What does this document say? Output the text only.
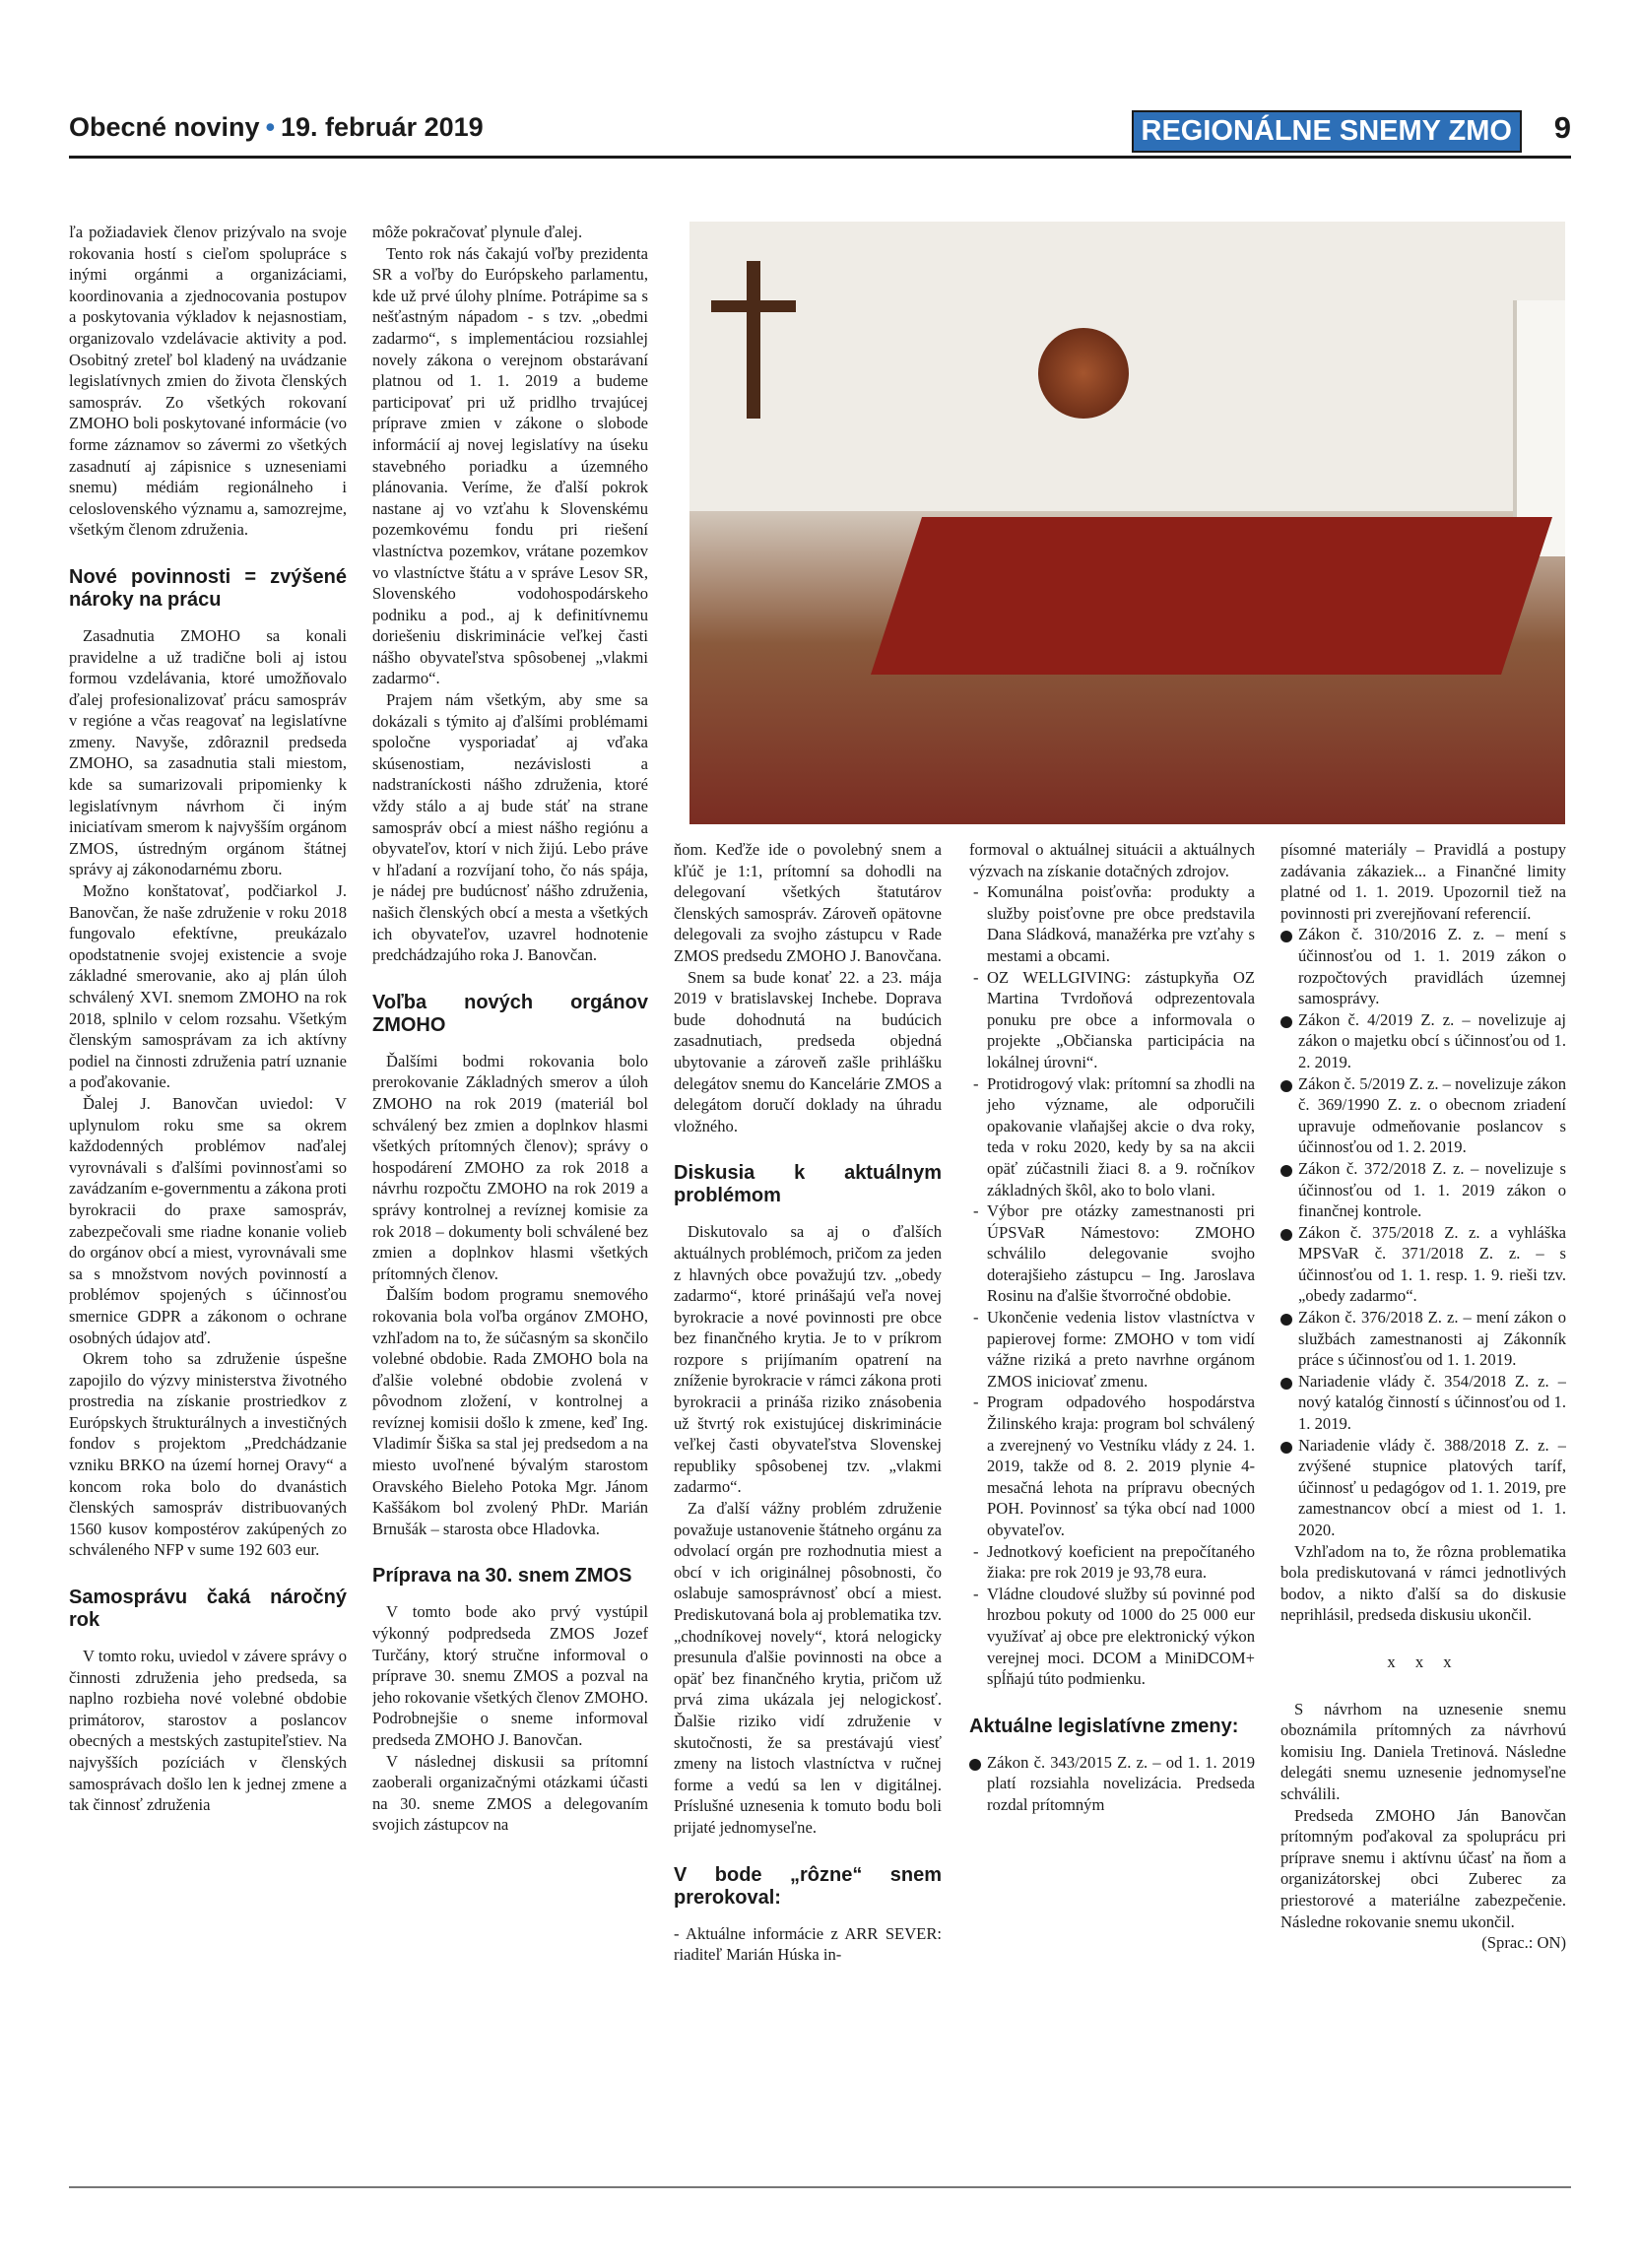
Obecné noviny • 19. február 2019	REGIONÁLNE SNEMY ZMO	9

ľa požiadaviek členov prizývalo na svoje rokovania hostí s cieľom spolupráce s inými orgánmi a organizáciami, koordinovania a zjednocovania postupov a poskytovania výkladov k nejasnostiam, organizovalo vzdelávacie aktivity a pod. Osobitný zreteľ bol kladený na uvádzanie legislatívnych zmien do života členských samospráv. Zo všetkých rokovaní ZMOHO boli poskytované informácie (vo forme záznamov so závermi zo všetkých zasadnutí aj zápisnice s uzneseniami snemu) médiám regionálneho i celoslovenského významu a, samozrejme, všetkým členom združenia.

Nové povinnosti = zvýšené nároky na prácu

Zasadnutia ZMOHO sa konali pravidelne a už tradične boli aj istou formou vzdelávania, ktoré umožňovalo ďalej profesionalizovať prácu samospráv v regióne a včas reagovať na legislatívne zmeny. Navyše, zdôraznil predseda ZMOHO, sa zasadnutia stali miestom, kde sa sumarizovali pripomienky k legislatívnym návrhom či iným iniciatívam smerom k najvyšším orgánom ZMOS, ústredným orgánom štátnej správy aj zákonodarnému zboru.

Možno konštatovať, podčiarkol J. Banovčan, že naše združenie v roku 2018 fungovalo efektívne, preukázalo opodstatnenie svojej existencie a svoje základné smerovanie, ako aj plán úloh schválený XVI. snemom ZMOHO na rok 2018, splnilo v celom rozsahu. Všetkým členským samosprávam za ich aktívny podiel na činnosti združenia patrí uznanie a poďakovanie.

Ďalej J. Banovčan uviedol: V uplynulom roku sme sa okrem každodenných problémov naďalej vyrovnávali s ďalšími povinnosťami so zavádzaním e-governmentu a zákona proti byrokracii do praxe samospráv, zabezpečovali sme riadne konanie volieb do orgánov obcí a miest, vyrovnávali sme sa s množstvom nových povinností a problémov spojených s účinnosťou smernice GDPR a zákonom o ochrane osobných údajov atď.

Okrem toho sa združenie úspešne zapojilo do výzvy ministerstva životného prostredia na získanie prostriedkov z Európskych štrukturálnych a investičných fondov s projektom „Predchádzanie vzniku BRKO na území hornej Oravy“ a koncom roka bolo do dvanástich členských samospráv distribuovaných 1560 kusov kompostérov zakúpených zo schváleného NFP v sume 192 603 eur.

Samosprávu čaká náročný rok

V tomto roku, uviedol v závere správy o činnosti združenia jeho predseda, sa naplno rozbieha nové volebné obdobie primátorov, starostov a poslancov obecných a mestských zastupiteľstiev. Na najvyšších pozíciách v členských samosprávach došlo len k jednej zmene a tak činnosť združenia

môže pokračovať plynule ďalej.

Tento rok nás čakajú voľby prezidenta SR a voľby do Európskeho parlamentu, kde už prvé úlohy plníme. Potrápime sa s nešťastným nápadom - s tzv. „obedmi zadarmo“, s implementáciou rozsiahlej novely zákona o verejnom obstarávaní platnou od 1. 1. 2019 a budeme participovať pri už pridlho trvajúcej príprave zmien v zákone o slobode informácií aj novej legislatívy na úseku stavebného poriadku a územného plánovania. Veríme, že ďalší pokrok nastane aj vo vzťahu k Slovenskému pozemkovému fondu pri riešení vlastníctva pozemkov, vrátane pozemkov vo vlastníctve štátu a v správe Lesov SR, Slovenského vodohospodárskeho podniku a pod., aj k definitívnemu doriešeniu diskriminácie veľkej časti nášho obyvateľstva spôsobenej „vlakmi zadarmo“.

Prajem nám všetkým, aby sme sa dokázali s týmito aj ďalšími problémami spoločne vysporiadať aj vďaka skúsenostiam, nezávislosti a nadstraníckosti nášho združenia, ktoré vždy stálo a aj bude stáť na strane samospráv obcí a miest nášho regiónu a obyvateľov, ktorí v nich žijú. Lebo práve v hľadaní a rozvíjaní toho, čo nás spája, je nádej pre budúcnosť nášho združenia, našich členských obcí a mesta a všetkých ich obyvateľov, uzavrel hodnotenie predchádzajúho roka J. Banovčan.

Voľba nových orgánov ZMOHO

Ďalšími bodmi rokovania bolo prerokovanie Základných smerov a úloh ZMOHO na rok 2019 (materiál bol schválený bez zmien a doplnkov hlasmi všetkých prítomných členov); správy o hospodárení ZMOHO za rok 2018 a návrhu rozpočtu ZMOHO na rok 2019 a správy kontrolnej a revíznej komisie za rok 2018 – dokumenty boli schválené bez zmien a doplnkov hlasmi všetkých prítomných členov.

Ďalším bodom programu snemového rokovania bola voľba orgánov ZMOHO, vzhľadom na to, že súčasným sa skončilo volebné obdobie. Rada ZMOHO bola na ďalšie volebné obdobie zvolená v pôvodnom zložení, v kontrolnej a revíznej komisii došlo k zmene, keď Ing. Vladimír Šiška sa stal jej predsedom a na miesto uvoľnené bývalým starostom Oravského Bieleho Potoka Mgr. Jánom Kaššákom bol zvolený PhDr. Marián Brnušák – starosta obce Hladovka.

Príprava na 30. snem ZMOS

V tomto bode ako prvý vystúpil výkonný podpredseda ZMOS Jozef Turčány, ktorý stručne informoval o príprave 30. snemu ZMOS a pozval na jeho rokovanie všetkých členov ZMOHO. Podrobnejšie o sneme informoval predseda ZMOHO J. Banovčan.

V následnej diskusii sa prítomní zaoberali organizačnými otázkami účasti na 30. sneme ZMOS a delegovaním svojich zástupcov na

ňom. Keďže ide o povolebný snem a kľúč je 1:1, prítomní sa dohodli na delegovaní všetkých štatutárov členských samospráv. Zároveň opätovne delegovali za svojho zástupcu v Rade ZMOS predsedu ZMOHO J. Banovčana.

Snem sa bude konať 22. a 23. mája 2019 v bratislavskej Inchebe. Doprava bude dohodnutá na budúcich zasadnutiach, predseda objedná ubytovanie a zároveň zašle prihlášku delegátov snemu do Kancelárie ZMOS a delegátom doručí doklady na úhradu vložného.

Diskusia k aktuálnym problémom

Diskutovalo sa aj o ďalších aktuálnych problémoch, pričom za jeden z hlavných obce považujú tzv. „obedy zadarmo“, ktoré prinášajú veľa novej byrokracie a nové povinnosti pre obce bez finančného krytia. Je to v príkrom rozpore s prijímaním opatrení na zníženie byrokracie v rámci zákona proti byrokracii a prináša riziko znásobenia už štvrtý rok existujúcej diskriminácie veľkej časti obyvateľstva Slovenskej republiky spôsobenej tzv. „vlakmi zadarmo“.

Za ďalší vážny problém združenie považuje ustanovenie štátneho orgánu za odvolací orgán pre rozhodnutia miest a obcí v ich originálnej pôsobnosti, čo oslabuje samosprávnosť obcí a miest. Prediskutovaná bola aj problematika tzv. „chodníkovej novely“, ktorá nelogicky presunula ďalšie povinnosti na obce a opäť bez finančného krytia, pričom už prvá zima ukázala jej nelogickosť. Ďalšie riziko vidí združenie v skutočnosti, že sa prestávajú viesť zmeny na listoch vlastníctva v ručnej forme a vedú sa len v digitálnej. Príslušné uznesenia k tomuto bodu boli prijaté jednomyseľne.

V bode „rôzne“ snem prerokoval:

- Aktuálne informácie z ARR SEVER: riaditeľ Marián Húska in-

formoval o aktuálnej situácii a aktuálnych výzvach na získanie dotačných zdrojov.

- Komunálna poisťovňa: produkty a služby poisťovne pre obce predstavila Dana Sládková, manažérka pre vzťahy s mestami a obcami.
- OZ WELLGIVING: zástupkyňa OZ Martina Tvrdoňová odprezentovala ponuku pre obce a informovala o projekte „Občianska participácia na lokálnej úrovni“.
- Protidrogový vlak: prítomní sa zhodli na jeho význame, ale odporučili opakovanie vlaňajšej akcie o dva roky, teda v roku 2020, kedy by sa na akcii opäť zúčastnili žiaci 8. a 9. ročníkov základných škôl, ako to bolo vlani.
- Výbor pre otázky zamestnanosti pri ÚPSVaR Námestovo: ZMOHO schválilo delegovanie svojho doterajšieho zástupcu – Ing. Jaroslava Rosinu na ďalšie štvorročné obdobie.
- Ukončenie vedenia listov vlastníctva v papierovej forme: ZMOHO v tom vidí vážne riziká a preto navrhne orgánom ZMOS iniciovať zmenu.
- Program odpadového hospodárstva Žilinského kraja: program bol schválený a zverejnený vo Vestníku vlády z 24. 1. 2019, takže od 8. 2. 2019 plynie 4-mesačná lehota na prípravu obecných POH. Povinnosť sa týka obcí nad 1000 obyvateľov.
- Jednotkový koeficient na prepočítaného žiaka: pre rok 2019 je 93,78 eura.
- Vládne cloudové služby sú povinné pod hrozbou pokuty od 1000 do 25 000 eur využívať aj obce pre elektronický výkon verejnej moci. DCOM a MiniDCOM+ spĺňajú túto podmienku.
Aktuálne legislatívne zmeny:
Zákon č. 343/2015 Z. z. – od 1. 1. 2019 platí rozsiahla novelizácia. Predseda rozdal prítomným

písomné materiály – Pravidlá a postupy zadávania zákaziek... a Finančné limity platné od 1. 1. 2019. Upozornil tiež na povinnosti pri zverejňovaní referencií.

Zákon č. 310/2016 Z. z. – mení s účinnosťou od 1. 1. 2019 zákon o rozpočtových pravidlách územnej samosprávy.
Zákon č. 4/2019 Z. z. – novelizuje aj zákon o majetku obcí s účinnosťou od 1. 2. 2019.
Zákon č. 5/2019 Z. z. – novelizuje zákon č. 369/1990 Z. z. o obecnom zriadení upravuje odmeňovanie poslancov s účinnosťou od 1. 2. 2019.
Zákon č. 372/2018 Z. z. – novelizuje s účinnosťou od 1. 1. 2019 zákon o finančnej kontrole.
Zákon č. 375/2018 Z. z. a vyhláška MPSVaR č. 371/2018 Z. z. – s účinnosťou od 1. 1. resp. 1. 9. rieši tzv. „obedy zadarmo“.
Zákon č. 376/2018 Z. z. – mení zákon o službách zamestnanosti aj Zákonník práce s účinnosťou od 1. 1. 2019.
Nariadenie vlády č. 354/2018 Z. z. – nový katalóg činností s účinnosťou od 1. 1. 2019.
Nariadenie vlády č. 388/2018 Z. z. – zvýšené stupnice platových taríf, účinnosť u pedagógov od 1. 1. 2019, pre zamestnancov obcí a miest od 1. 1. 2020.

Vzhľadom na to, že rôzna problematika bola prediskutovaná v rámci jednotlivých bodov, a nikto ďalší sa do diskusie neprihlásil, predseda diskusiu ukončil.

x x x

S návrhom na uznesenie snemu oboznámila prítomných za návrhovú komisiu Ing. Daniela Tretinová. Následne delegáti snemu uznesenie jednomyseľne schválili.

Predseda ZMOHO Ján Banovčan prítomným poďakoval za spoluprácu pri príprave snemu i aktívnu účasť na ňom a organizátorskej obci Zuberec za priestorové a materiálne zabezpečenie. Následne rokovanie snemu ukončil.

(Sprac.: ON)
